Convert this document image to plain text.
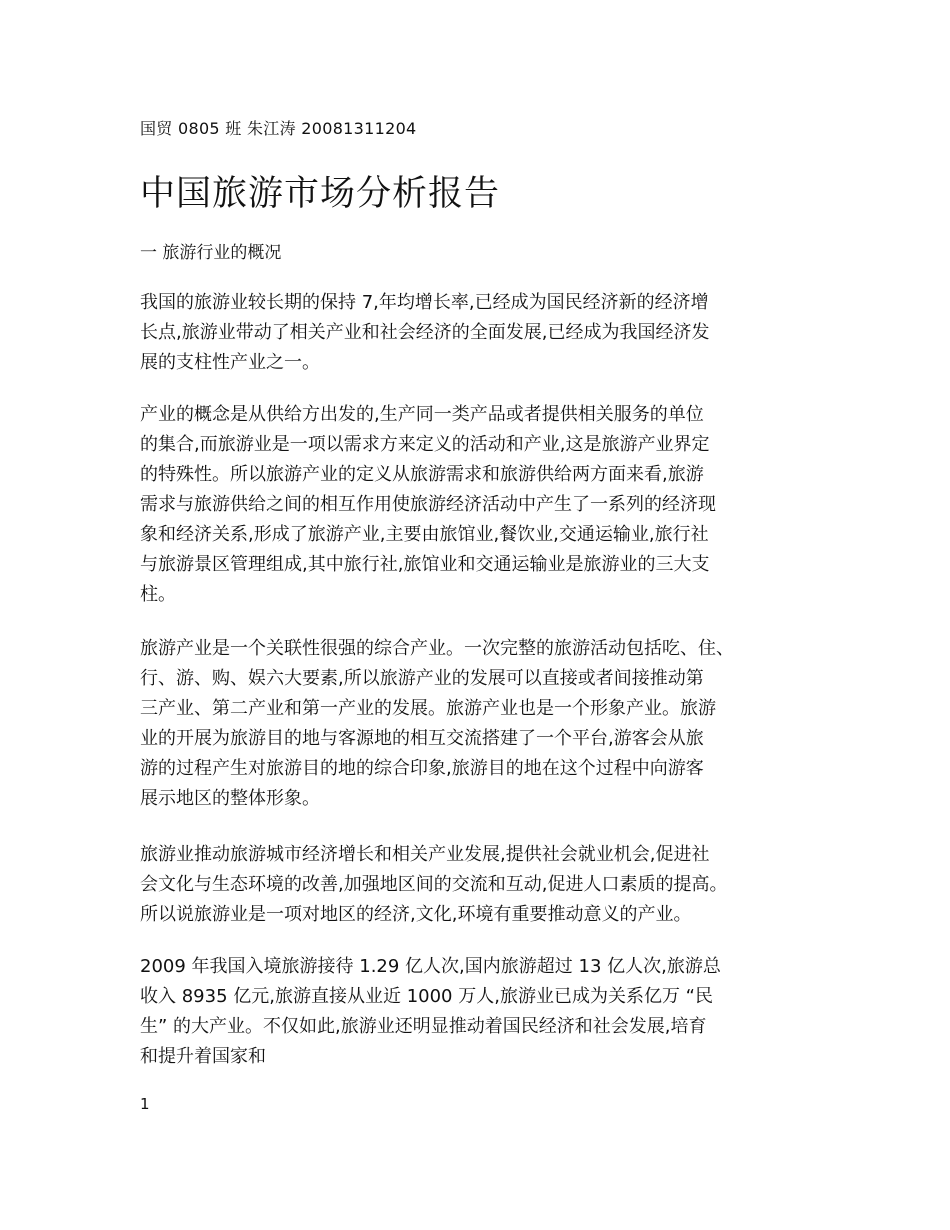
国贸 0805 班 朱江涛 20081311204
中国旅游市场分析报告
一 旅游行业的概况

我国的旅游业较长期的保持 7,年均增长率,已经成为国民经济新的经济增
长点,旅游业带动了相关产业和社会经济的全面发展,已经成为我国经济发
展的支柱性产业之一。

产业的概念是从供给方出发的,生产同一类产品或者提供相关服务的单位
的集合,而旅游业是一项以需求方来定义的活动和产业,这是旅游产业界定
的特殊性。所以旅游产业的定义从旅游需求和旅游供给两方面来看,旅游
需求与旅游供给之间的相互作用使旅游经济活动中产生了一系列的经济现
象和经济关系,形成了旅游产业,主要由旅馆业,餐饮业,交通运输业,旅行社
与旅游景区管理组成,其中旅行社,旅馆业和交通运输业是旅游业的三大支
柱。

旅游产业是一个关联性很强的综合产业。一次完整的旅游活动包括吃、住、
行、游、购、娱六大要素,所以旅游产业的发展可以直接或者间接推动第
三产业、第二产业和第一产业的发展。旅游产业也是一个形象产业。旅游
业的开展为旅游目的地与客源地的相互交流搭建了一个平台,游客会从旅
游的过程产生对旅游目的地的综合印象,旅游目的地在这个过程中向游客
展示地区的整体形象。

旅游业推动旅游城市经济增长和相关产业发展,提供社会就业机会,促进社
会文化与生态环境的改善,加强地区间的交流和互动,促进人口素质的提高。
所以说旅游业是一项对地区的经济,文化,环境有重要推动意义的产业。

2009 年我国入境旅游接待 1.29 亿人次,国内旅游超过 13 亿人次,旅游总
收入 8935 亿元,旅游直接从业近 1000 万人,旅游业已成为关系亿万 “民
生” 的大产业。不仅如此,旅游业还明显推动着国民经济和社会发展,培育
和提升着国家和

1
